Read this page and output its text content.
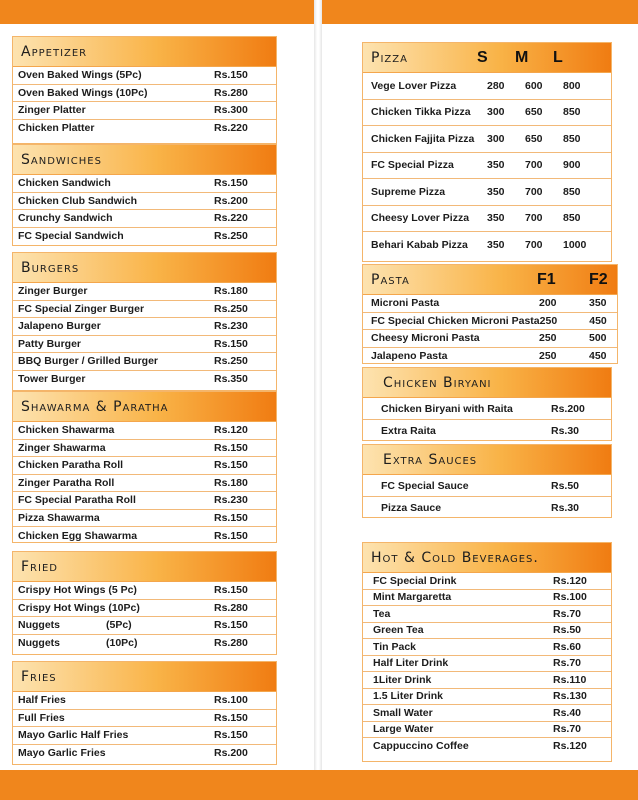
Appetizer
Oven Baked Wings (5Pc)	Rs.150
Oven Baked Wings (10Pc)	Rs.280
Zinger Platter	Rs.300
Chicken Platter	Rs.220
Sandwiches
Chicken Sandwich	Rs.150
Chicken Club Sandwich	Rs.200
Crunchy Sandwich	Rs.220
FC Special Sandwich	Rs.250
Burgers
Zinger Burger	Rs.180
FC Special Zinger Burger	Rs.250
Jalapeno Burger	Rs.230
Patty Burger	Rs.150
BBQ Burger / Grilled Burger	Rs.250
Tower Burger	Rs.350
Shawarma & Paratha
Chicken Shawarma	Rs.120
Zinger Shawarma	Rs.150
Chicken Paratha Roll	Rs.150
Zinger Paratha Roll	Rs.180
FC Special Paratha Roll	Rs.230
Pizza Shawarma	Rs.150
Chicken Egg Shawarma	Rs.150
Fried
Crispy Hot Wings (5 Pc)	Rs.150
Crispy Hot Wings (10Pc)	Rs.280
Nuggets	(5Pc)	Rs.150
Nuggets	(10Pc)	Rs.280
Fries
Half Fries	Rs.100
Full Fries	Rs.150
Mayo Garlic Half Fries	Rs.150
Mayo Garlic Fries	Rs.200
Pizza	S	M	L
Vege Lover Pizza	280	600	800
Chicken Tikka Pizza	300	650	850
Chicken Fajjita Pizza	300	650	850
FC Special Pizza	350	700	900
Supreme Pizza	350	700	850
Cheesy Lover Pizza	350	700	850
Behari Kabab Pizza	350	700	1000
Pasta	F1	F2
Microni Pasta	200	350
FC Special Chicken Microni Pasta 250	450
Cheesy Microni Pasta	250	500
Jalapeno Pasta	250	450
Chicken Biryani
Chicken Biryani with Raita	Rs.200
Extra Raita	Rs.30
Extra Sauces
FC Special Sauce	Rs.50
Pizza Sauce	Rs.30
Hot & Cold Beverages.
FC Special Drink	Rs.120
Mint Margaretta	Rs.100
Tea	Rs.70
Green Tea	Rs.50
Tin Pack	Rs.60
Half Liter Drink	Rs.70
1Liter Drink	Rs.110
1.5 Liter Drink	Rs.130
Small Water	Rs.40
Large Water	Rs.70
Cappuccino Coffee	Rs.120
